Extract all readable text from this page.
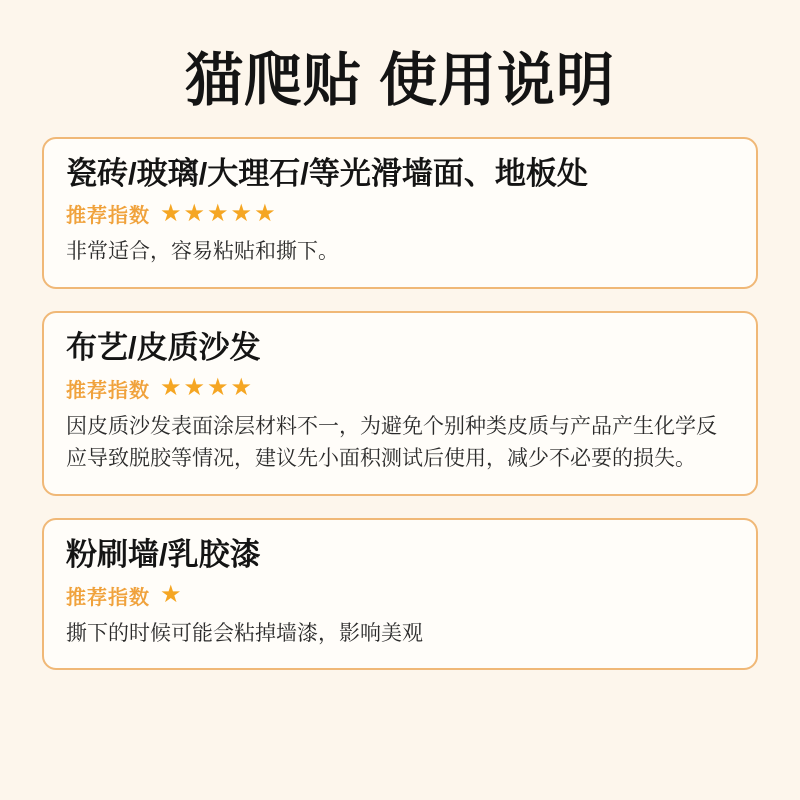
猫爬贴 使用说明
瓷砖/玻璃/大理石/等光滑墙面、地板处
推荐指数 ★★★★★
非常适合，容易粘贴和撕下。
布艺/皮质沙发
推荐指数 ★★★★
因皮质沙发表面涂层材料不一，为避免个别种类皮质与产品产生化学反应导致脱胶等情况，建议先小面积测试后使用，减少不必要的损失。
粉刷墙/乳胶漆
推荐指数 ★
撕下的时候可能会粘掉墙漆，影响美观
